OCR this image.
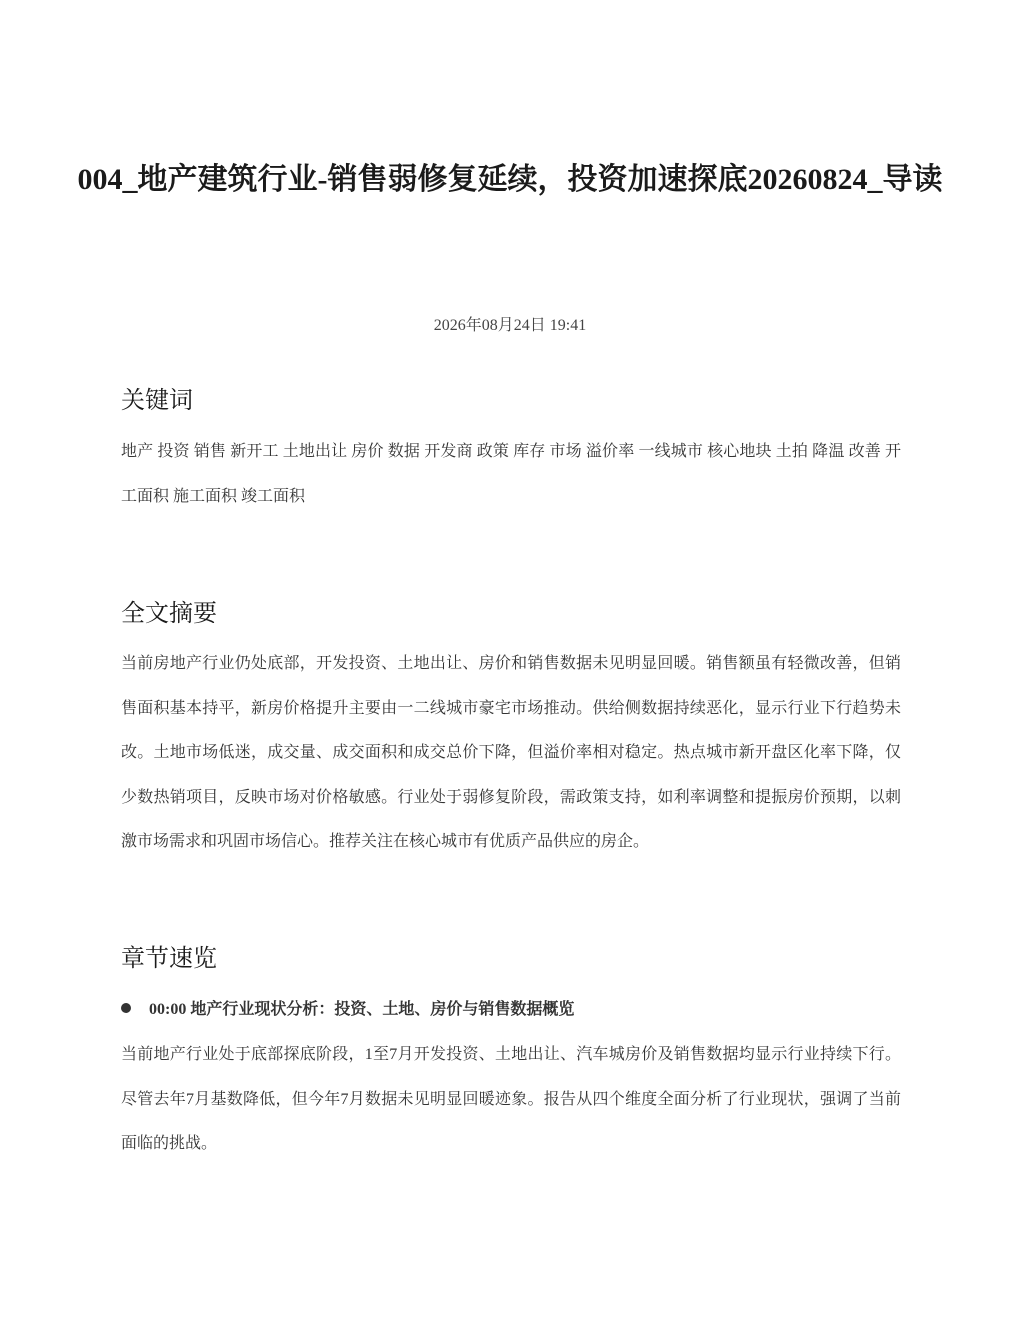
004_地产建筑行业-销售弱修复延续，投资加速探底20260824_导读
2026年08月24日 19:41
关键词
地产 投资 销售 新开工 土地出让 房价 数据 开发商 政策 库存 市场 溢价率 一线城市 核心地块 土拍 降温 改善 开工面积 施工面积 竣工面积
全文摘要
当前房地产行业仍处底部，开发投资、土地出让、房价和销售数据未见明显回暖。销售额虽有轻微改善，但销售面积基本持平，新房价格提升主要由一二线城市豪宅市场推动。供给侧数据持续恶化，显示行业下行趋势未改。土地市场低迷，成交量、成交面积和成交总价下降，但溢价率相对稳定。热点城市新开盘区化率下降，仅少数热销项目，反映市场对价格敏感。行业处于弱修复阶段，需政策支持，如利率调整和提振房价预期，以刺激市场需求和巩固市场信心。推荐关注在核心城市有优质产品供应的房企。
章节速览
00:00 地产行业现状分析：投资、土地、房价与销售数据概览
当前地产行业处于底部探底阶段，1至7月开发投资、土地出让、汽车城房价及销售数据均显示行业持续下行。尽管去年7月基数降低，但今年7月数据未见明显回暖迹象。报告从四个维度全面分析了行业现状，强调了当前面临的挑战。
